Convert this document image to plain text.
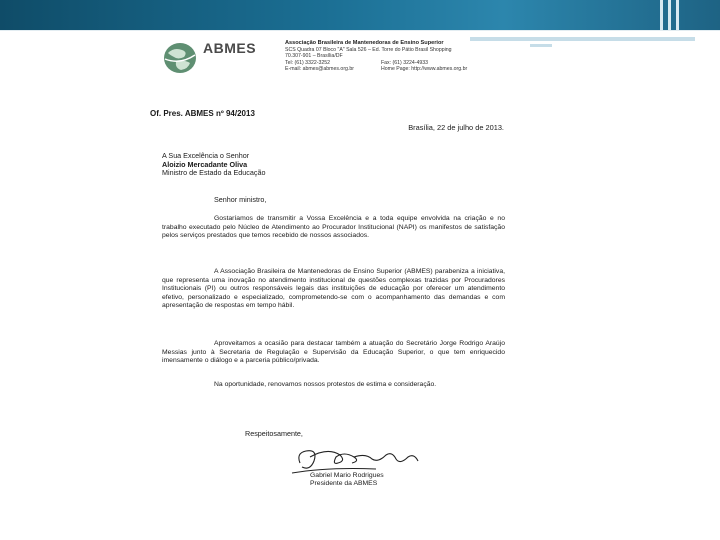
ABMES	Associação Brasileira de Mantenedoras de Ensino Superior
SCS Quadra 07 Bloco "A" Sala 526 – Ed. Torre do Pátio Brasil Shopping
70.307-901 – Brasília/DF
Tel: (61) 3322-3252	Fax: (61) 3224-4933
E-mail: abmes@abmes.org.br	Home Page: http://www.abmes.org.br
Of. Pres. ABMES nº 94/2013
Brasília, 22 de julho de 2013.
A Sua Excelência o Senhor
Aloizio Mercadante Oliva
Ministro de Estado da Educação
Senhor ministro,
Gostaríamos de transmitir a Vossa Excelência e a toda equipe envolvida na criação e no trabalho executado pelo Núcleo de Atendimento ao Procurador Institucional (NAPI) os manifestos de satisfação pelos serviços prestados que temos recebido de nossos associados.
A Associação Brasileira de Mantenedoras de Ensino Superior (ABMES) parabeniza a iniciativa, que representa uma inovação no atendimento institucional de questões complexas trazidas por Procuradores Institucionais (PI) ou outros responsáveis legais das instituições de educação por oferecer um atendimento efetivo, personalizado e especializado, comprometendo-se com o acompanhamento das demandas e com apresentação de respostas em tempo hábil.
Aproveitamos a ocasião para destacar também a atuação do Secretário Jorge Rodrigo Araújo Messias junto à Secretaria de Regulação e Supervisão da Educação Superior, o que tem enriquecido imensamente o diálogo e a parceria público/privada.
Na oportunidade, renovamos nossos protestos de estima e consideração.
Respeitosamente,
Gabriel Mario Rodrigues
Presidente da ABMES
